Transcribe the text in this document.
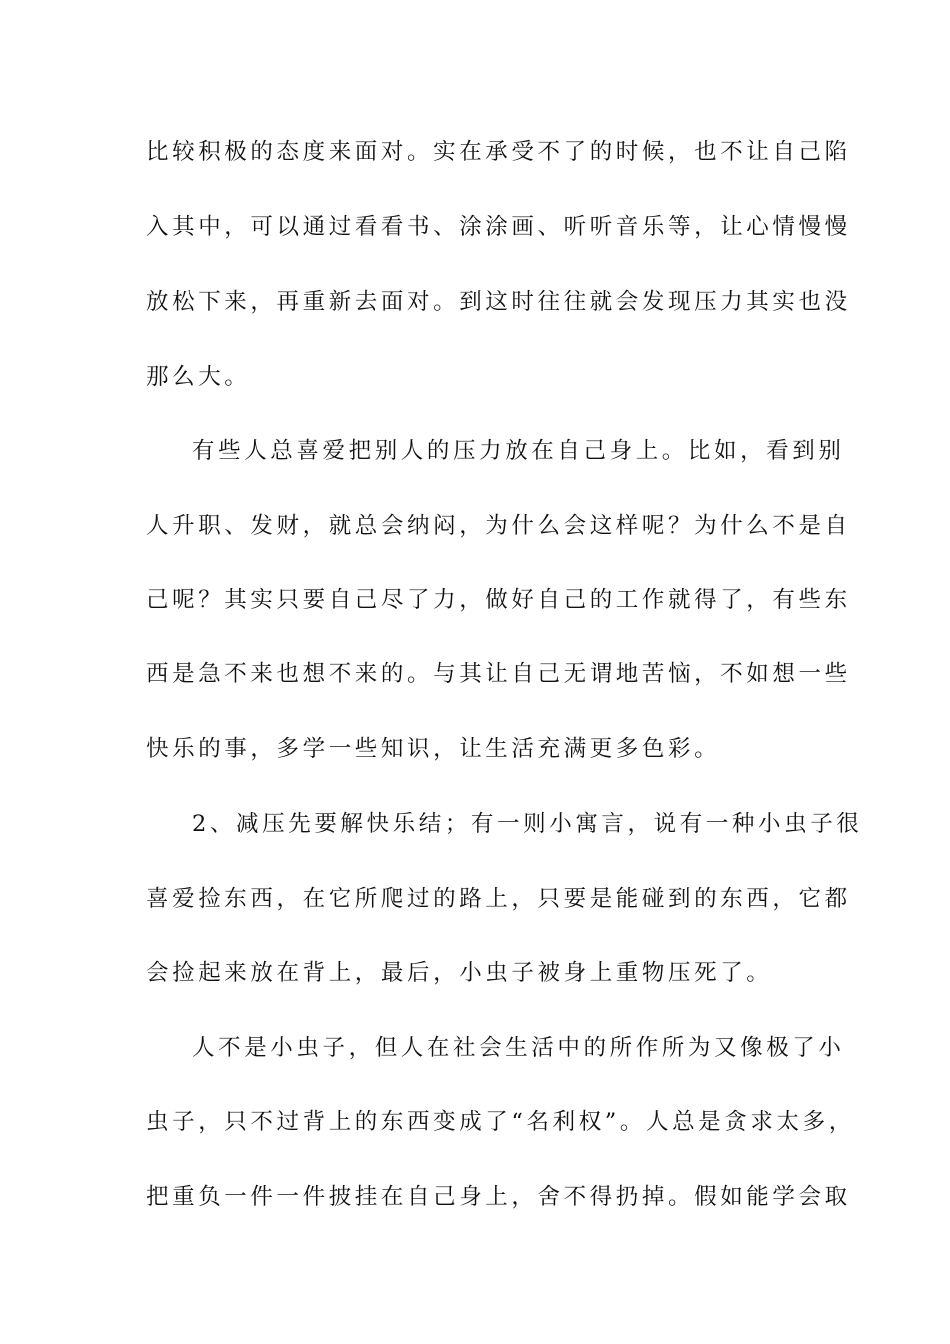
比较积极的态度来面对。实在承受不了的时候，也不让自己陷
入其中，可以通过看看书、涂涂画、听听音乐等，让心情慢慢
放松下来，再重新去面对。到这时往往就会发现压力其实也没
那么大。
有些人总喜爱把别人的压力放在自己身上。比如，看到别
人升职、发财，就总会纳闷，为什么会这样呢？为什么不是自
己呢？其实只要自己尽了力，做好自己的工作就得了，有些东
西是急不来也想不来的。与其让自己无谓地苦恼，不如想一些
快乐的事，多学一些知识，让生活充满更多色彩。
2、减压先要解快乐结；有一则小寓言，说有一种小虫子很
喜爱捡东西，在它所爬过的路上，只要是能碰到的东西，它都
会捡起来放在背上，最后，小虫子被身上重物压死了。
人不是小虫子，但人在社会生活中的所作所为又像极了小
虫子，只不过背上的东西变成了“名利权”。人总是贪求太多，
把重负一件一件披挂在自己身上，舍不得扔掉。假如能学会取
